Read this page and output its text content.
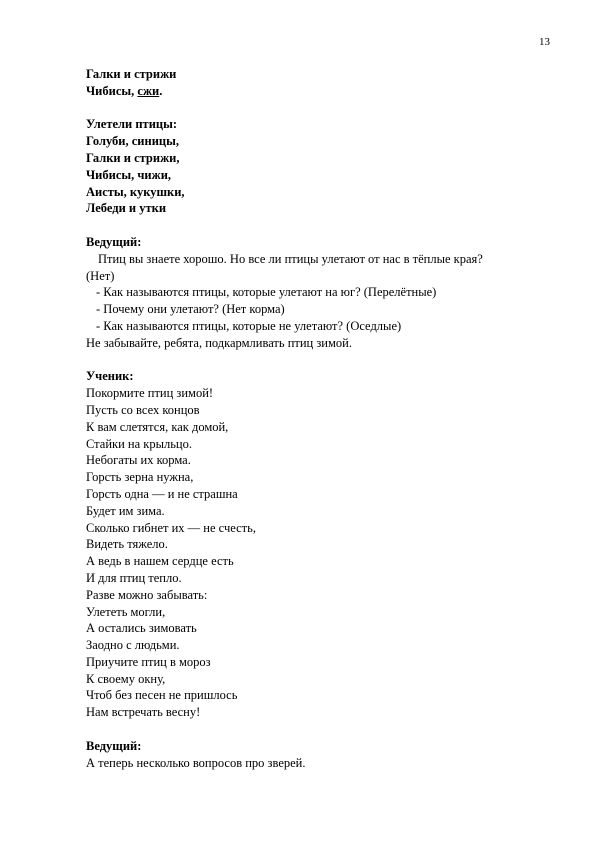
13
Галки и стрижи
Чибисы, сжи.
Улетели птицы:
Голуби, синицы,
Галки и стрижи,
Чибисы, чижи,
Аисты, кукушки,
Лебеди и утки
Ведущий:
Птиц вы знаете хорошо. Но все ли птицы улетают от нас в тёплые края?
(Нет)
- Как называются птицы, которые улетают на юг? (Перелётные)
- Почему они улетают? (Нет корма)
- Как называются птицы, которые не улетают? (Оседлые)
Не забывайте, ребята, подкармливать птиц зимой.
Ученик:
Покормите птиц зимой!
Пусть со всех концов
К вам слетятся, как домой,
Стайки на крыльцо.
Небогаты их корма.
Горсть зерна нужна,
Горсть одна — и не страшна
Будет им зима.
Сколько гибнет их — не счесть,
Видеть тяжело.
А ведь в нашем сердце есть
И для птиц тепло.
Разве можно забывать:
Улететь могли,
А остались зимовать
Заодно с людьми.
Приучите птиц в мороз
К своему окну,
Чтоб без песен не пришлось
Нам встречать весну!
Ведущий:
А теперь несколько вопросов про зверей.
